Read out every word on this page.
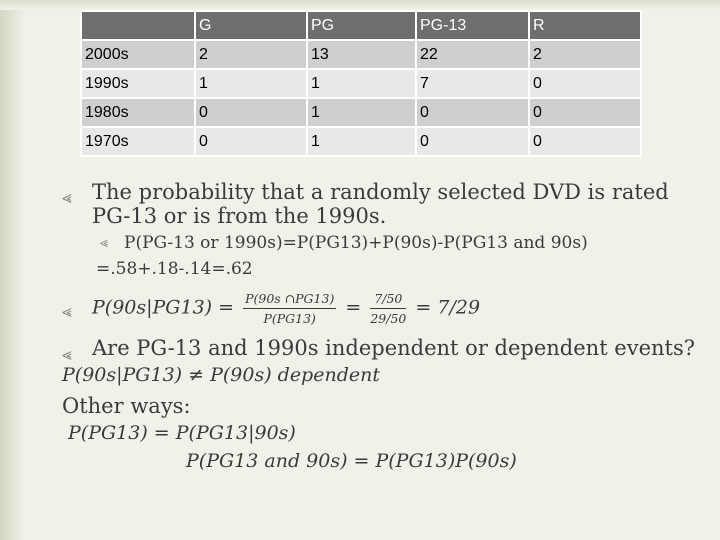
	G	PG	PG-13	R
2000s	2	13	22	2
1990s	1	1	7	0
1980s	0	1	0	0
1970s	0	1	0	0
⪡ The probability that a randomly selected DVD is rated
PG-13 or is from the 1990s.
⪡ P(PG-13 or 1990s)=P(PG13)+P(90s)-P(PG13 and 90s)
=.58+.18-.14=.62
⪡ $P(90s|PG13) = \frac{P(90s \cap PG13)}{P(PG13)} = \frac{7/50}{29/50} = 7/29$
⪡ Are PG-13 and 1990s independent or dependent events?
P(90s|PG13) ≠ P(90s) dependent
Other ways:
P(PG13) = P(PG13|90s)
P(PG13 and 90s) = P(PG13)P(90s)
